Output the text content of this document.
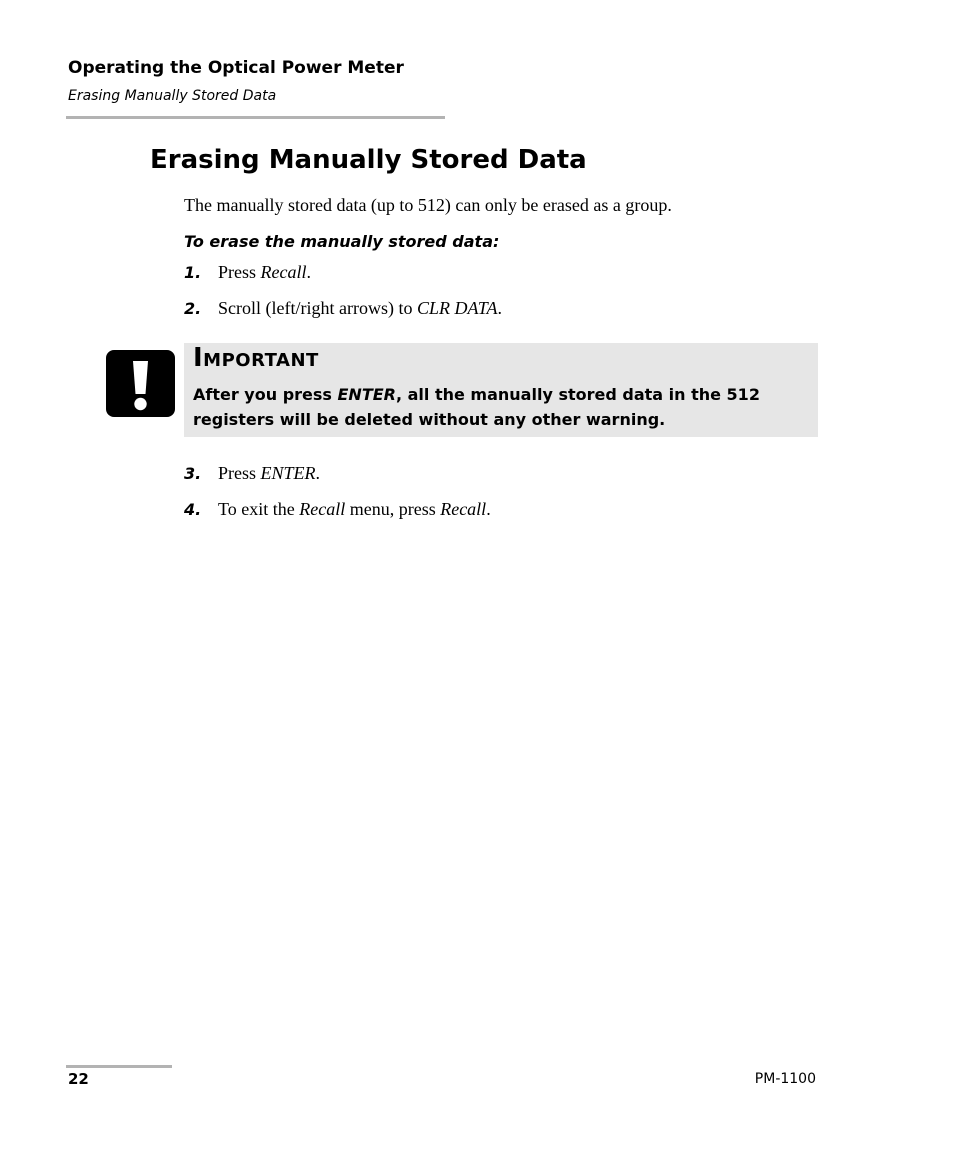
Operating the Optical Power Meter
Erasing Manually Stored Data
Erasing Manually Stored Data

The manually stored data (up to 512) can only be erased as a group.

To erase the manually stored data:

1. Press Recall.
2. Scroll (left/right arrows) to CLR DATA.
Important
After you press ENTER, all the manually stored data in the 512 registers will be deleted without any other warning.
3. Press ENTER.
4. To exit the Recall menu, press Recall.
22	PM-1100
